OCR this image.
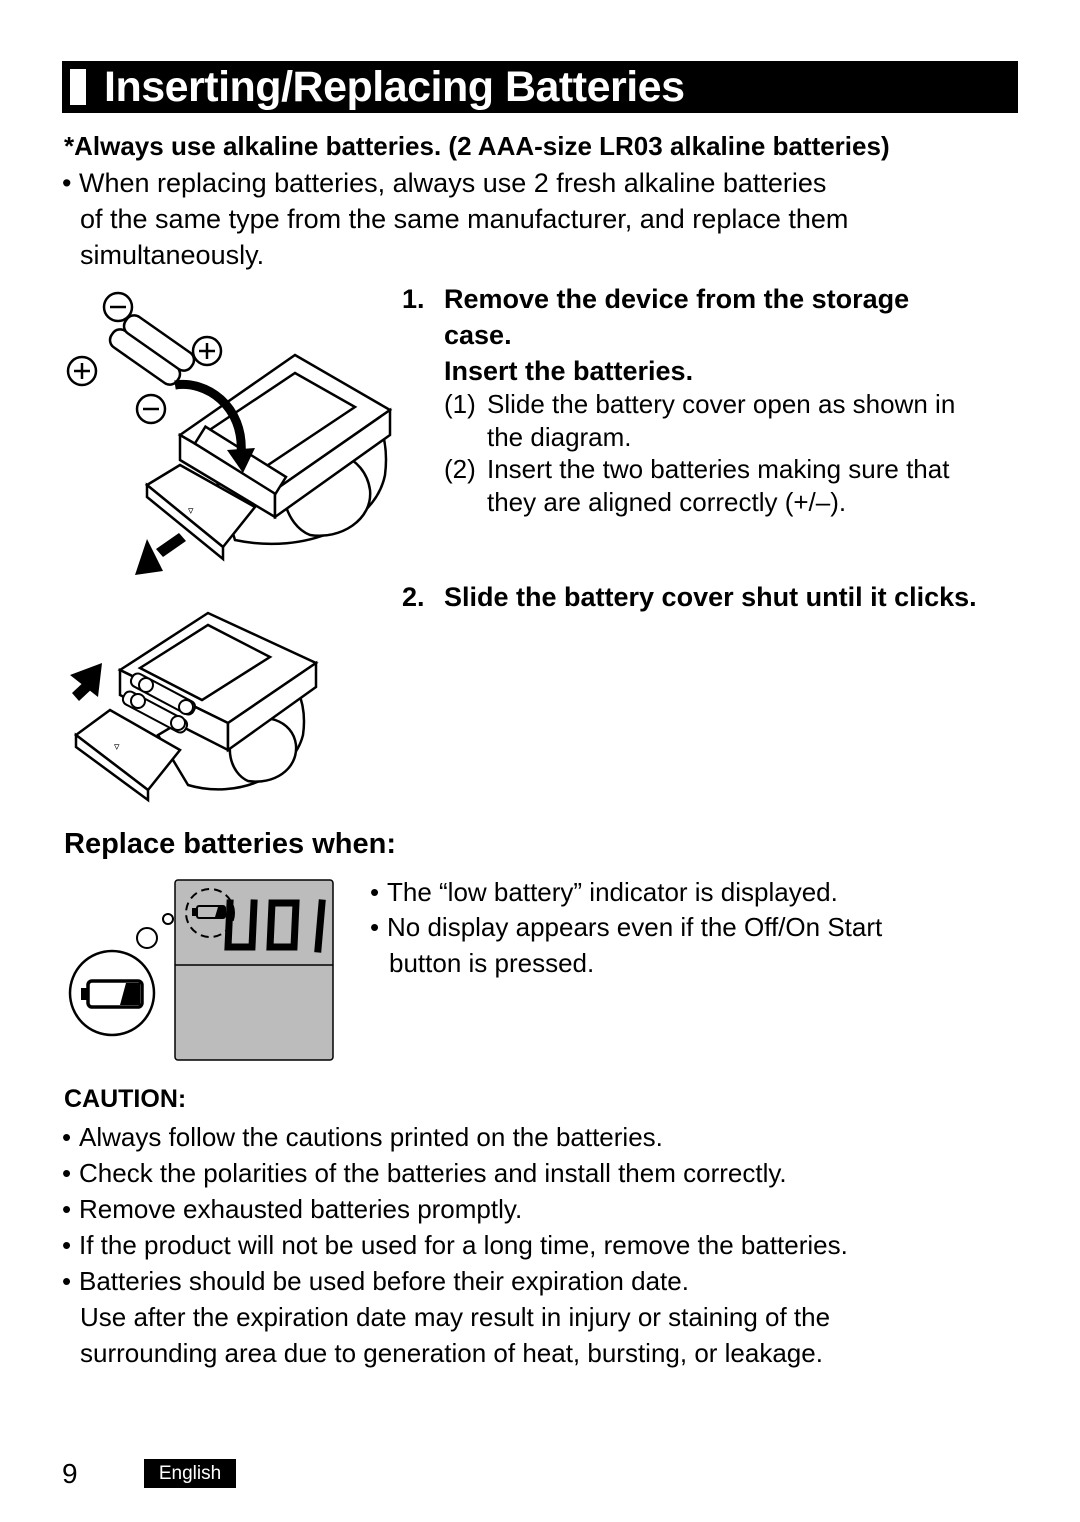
Inserting/Replacing Batteries
*Always use alkaline batteries. (2 AAA-size LR03 alkaline batteries)
• When replacing batteries, always use 2 fresh alkaline batteries
of the same type from the same manufacturer, and replace them
simultaneously.
1. Remove the device from the storage
case.
Insert the batteries.
(1) Slide the battery cover open as shown in
the diagram.
(2) Insert the two batteries making sure that
they are aligned correctly (+/–).
2. Slide the battery cover shut until it clicks.
▿
▿
Replace batteries when:
• The “low battery” indicator is displayed.
• No display appears even if the Off/On Start
button is pressed.
CAUTION:
• Always follow the cautions printed on the batteries.
• Check the polarities of the batteries and install them correctly.
• Remove exhausted batteries promptly.
• If the product will not be used for a long time, remove the batteries.
• Batteries should be used before their expiration date.
Use after the expiration date may result in injury or staining of the
surrounding area due to generation of heat, bursting, or leakage.
9	English
